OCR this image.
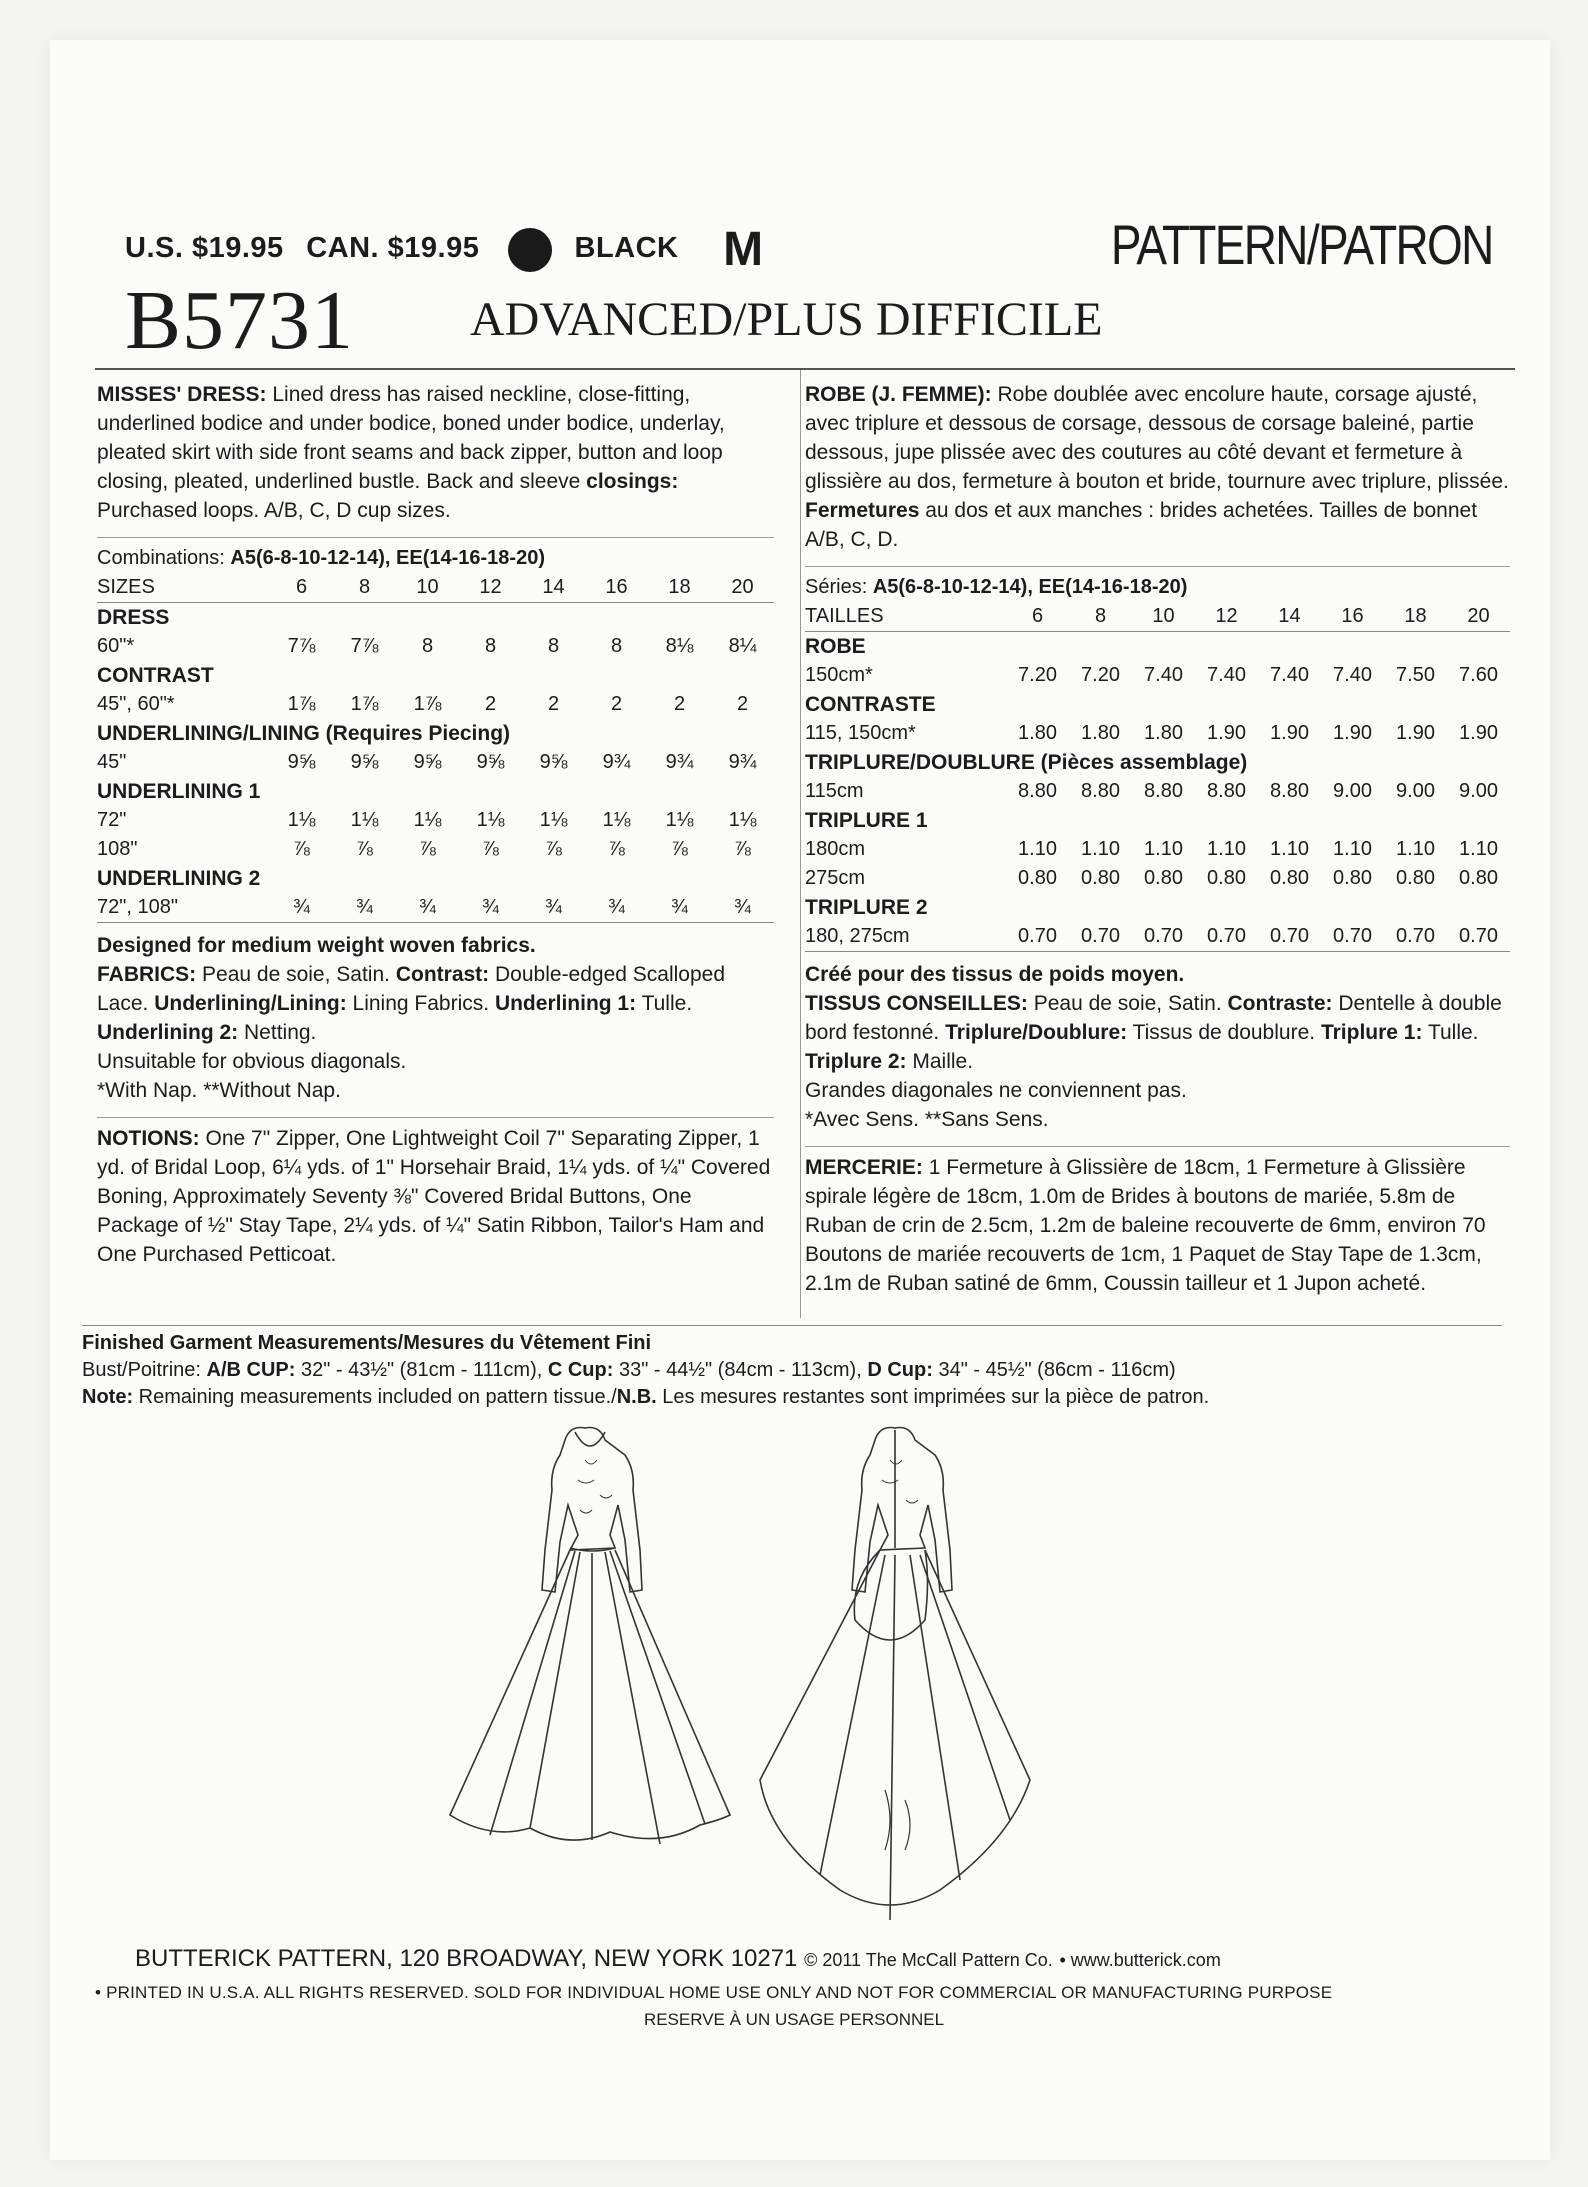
U.S. $19.95 CAN. $19.95	BLACK M	PATTERN/PATRON
B5731 ADVANCED/PLUS DIFFICILE

MISSES' DRESS: Lined dress has raised neckline, close-fitting, underlined bodice and under bodice, boned under bodice, underlay, pleated skirt with side front seams and back zipper, button and loop closing, pleated, underlined bustle. Back and sleeve closings: Purchased loops. A/B, C, D cup sizes.

Combinations: A5(6-8-10-12-14), EE(14-16-18-20)								
SIZES	6	8	10	12	14	16	18	20
DRESS								
60"*	7⅞	7⅞	8	8	8	8	8⅛	8¼
CONTRAST								
45", 60"*	1⅞	1⅞	1⅞	2	2	2	2	2
UNDERLINING/LINING (Requires Piecing)								
45"	9⅝	9⅝	9⅝	9⅝	9⅝	9¾	9¾	9¾
UNDERLINING 1								
72"	1⅛	1⅛	1⅛	1⅛	1⅛	1⅛	1⅛	1⅛
108"	⅞	⅞	⅞	⅞	⅞	⅞	⅞	⅞
UNDERLINING 2								
72", 108"	¾	¾	¾	¾	¾	¾	¾	¾

Designed for medium weight woven fabrics.

FABRICS: Peau de soie, Satin. Contrast: Double-edged Scalloped Lace. Underlining/Lining: Lining Fabrics. Underlining 1: Tulle. Underlining 2: Netting.

Unsuitable for obvious diagonals.

*With Nap. **Without Nap.

NOTIONS: One 7" Zipper, One Lightweight Coil 7" Separating Zipper, 1 yd. of Bridal Loop, 6¼ yds. of 1" Horsehair Braid, 1¼ yds. of ¼" Covered Boning, Approximately Seventy ⅜" Covered Bridal Buttons, One Package of ½" Stay Tape, 2¼ yds. of ¼" Satin Ribbon, Tailor's Ham and One Purchased Petticoat.

ROBE (J. FEMME): Robe doublée avec encolure haute, corsage ajusté, avec triplure et dessous de corsage, dessous de corsage baleiné, partie dessous, jupe plissée avec des coutures au côté devant et fermeture à glissière au dos, fermeture à bouton et bride, tournure avec triplure, plissée. Fermetures au dos et aux manches : brides achetées. Tailles de bonnet A/B, C, D.

Séries: A5(6-8-10-12-14), EE(14-16-18-20)								
TAILLES	6	8	10	12	14	16	18	20
ROBE								
150cm*	7.20	7.20	7.40	7.40	7.40	7.40	7.50	7.60
CONTRASTE								
115, 150cm*	1.80	1.80	1.80	1.90	1.90	1.90	1.90	1.90
TRIPLURE/DOUBLURE (Pièces assemblage)								
115cm	8.80	8.80	8.80	8.80	8.80	9.00	9.00	9.00
TRIPLURE 1								
180cm	1.10	1.10	1.10	1.10	1.10	1.10	1.10	1.10
275cm	0.80	0.80	0.80	0.80	0.80	0.80	0.80	0.80
TRIPLURE 2								
180, 275cm	0.70	0.70	0.70	0.70	0.70	0.70	0.70	0.70

Créé pour des tissus de poids moyen.

TISSUS CONSEILLES: Peau de soie, Satin. Contraste: Dentelle à double bord festonné. Triplure/Doublure: Tissus de doublure. Triplure 1: Tulle. Triplure 2: Maille.

Grandes diagonales ne conviennent pas.

*Avec Sens. **Sans Sens.

MERCERIE: 1 Fermeture à Glissière de 18cm, 1 Fermeture à Glissière spirale légère de 18cm, 1.0m de Brides à boutons de mariée, 5.8m de Ruban de crin de 2.5cm, 1.2m de baleine recouverte de 6mm, environ 70 Boutons de mariée recouverts de 1cm, 1 Paquet de Stay Tape de 1.3cm, 2.1m de Ruban satiné de 6mm, Coussin tailleur et 1 Jupon acheté.

Finished Garment Measurements/Mesures du Vêtement Fini
Bust/Poitrine: A/B CUP: 32" - 43½" (81cm - 111cm), C Cup: 33" - 44½" (84cm - 113cm), D Cup: 34" - 45½" (86cm - 116cm)
Note: Remaining measurements included on pattern tissue./N.B. Les mesures restantes sont imprimées sur la pièce de patron.
BUTTERICK PATTERN, 120 BROADWAY, NEW YORK 10271 © 2011 The McCall Pattern Co. • www.butterick.com
• PRINTED IN U.S.A. ALL RIGHTS RESERVED. SOLD FOR INDIVIDUAL HOME USE ONLY AND NOT FOR COMMERCIAL OR MANUFACTURING PURPOSE
RESERVE À UN USAGE PERSONNEL
